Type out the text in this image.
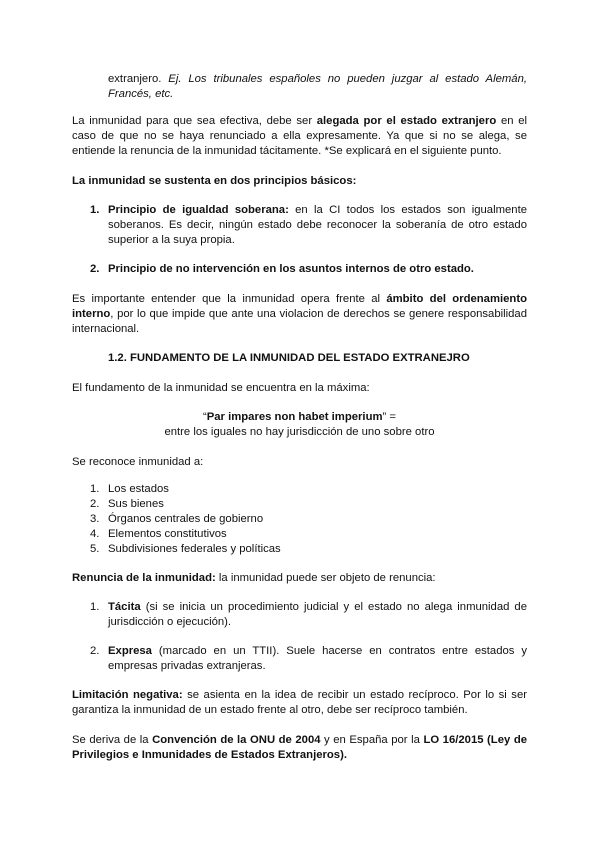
extranjero. Ej. Los tribunales españoles no pueden juzgar al estado Alemán, Francés, etc.

La inmunidad para que sea efectiva, debe ser alegada por el estado extranjero en el caso de que no se haya renunciado a ella expresamente. Ya que si no se alega, se entiende la renuncia de la inmunidad tácitamente. *Se explicará en el siguiente punto.

La inmunidad se sustenta en dos principios básicos:

1. Principio de igualdad soberana: en la CI todos los estados son igualmente soberanos. Es decir, ningún estado debe reconocer la soberanía de otro estado superior a la suya propia.

2. Principio de no intervención en los asuntos internos de otro estado.

Es importante entender que la inmunidad opera frente al ámbito del ordenamiento interno, por lo que impide que ante una violacion de derechos se genere responsabilidad internacional.

1.2. FUNDAMENTO DE LA INMUNIDAD DEL ESTADO EXTRANEJRO

El fundamento de la inmunidad se encuentra en la máxima:

“Par impares non habet imperium” =

entre los iguales no hay jurisdicción de uno sobre otro

Se reconoce inmunidad a:

1. Los estados

2. Sus bienes

3. Órganos centrales de gobierno

4. Elementos constitutivos

5. Subdivisiones federales y políticas

Renuncia de la inmunidad: la inmunidad puede ser objeto de renuncia:

1. Tácita (si se inicia un procedimiento judicial y el estado no alega inmunidad de jurisdicción o ejecución).

2. Expresa (marcado en un TTII). Suele hacerse en contratos entre estados y empresas privadas extranjeras.

Limitación negativa: se asienta en la idea de recibir un estado recíproco. Por lo si ser garantiza la inmunidad de un estado frente al otro, debe ser recíproco también.

Se deriva de la Convención de la ONU de 2004 y en España por la LO 16/2015 (Ley de Privilegios e Inmunidades de Estados Extranjeros).
